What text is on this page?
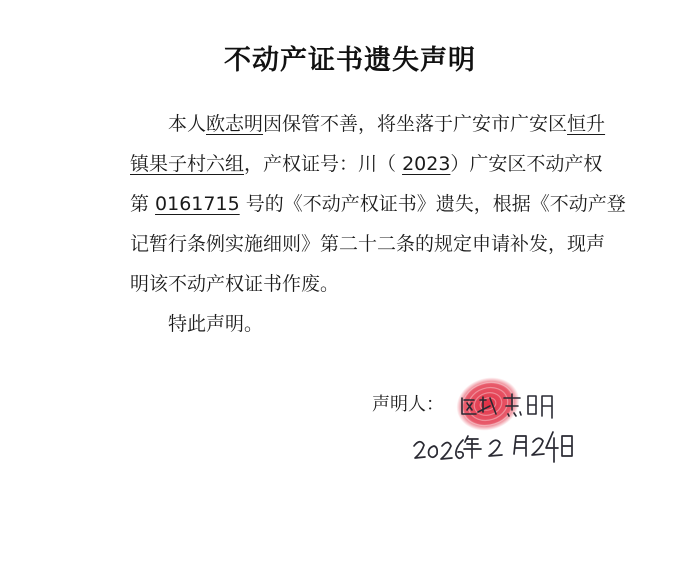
不动产证书遗失声明
本人欧志明因保管不善，将坐落于广安市广安区恒升
镇果子村六组，产权证号：川（ 2023）广安区不动产权
第 0161715 号的《不动产权证书》遗失，根据《不动产登
记暂行条例实施细则》第二十二条的规定申请补发，现声
明该不动产权证书作废。
特此声明。
声明人：
